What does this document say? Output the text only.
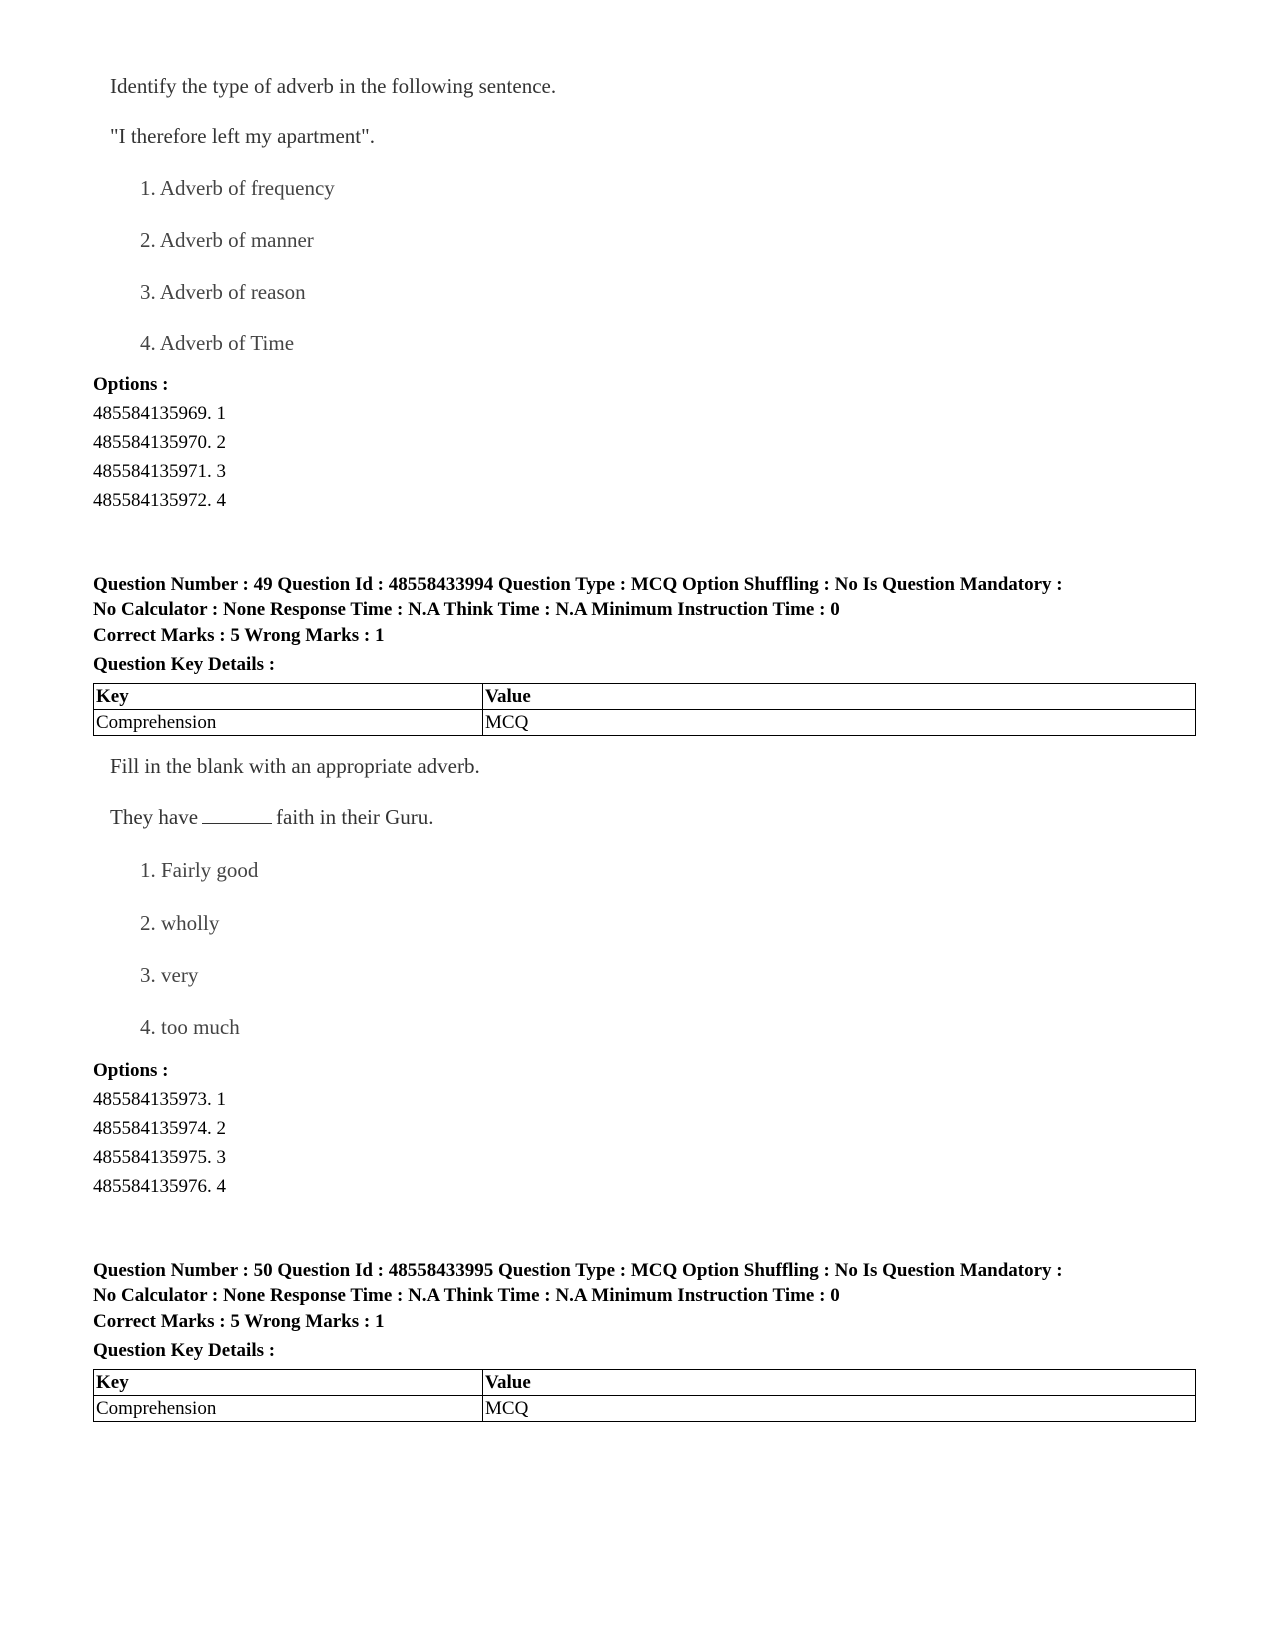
Identify the type of adverb in the following sentence.
"I therefore left my apartment".
1. Adverb of frequency
2. Adverb of manner
3. Adverb of reason
4. Adverb of Time
Options :
485584135969. 1
485584135970. 2
485584135971. 3
485584135972. 4
Question Number : 49 Question Id : 48558433994 Question Type : MCQ Option Shuffling : No Is Question Mandatory :
No Calculator : None Response Time : N.A Think Time : N.A Minimum Instruction Time : 0
Correct Marks : 5 Wrong Marks : 1
Question Key Details :
Key	Value
Comprehension	MCQ
Fill in the blank with an appropriate adverb.
They have	faith in their Guru.
1. Fairly good
2. wholly
3. very
4. too much
Options :
485584135973. 1
485584135974. 2
485584135975. 3
485584135976. 4
Question Number : 50 Question Id : 48558433995 Question Type : MCQ Option Shuffling : No Is Question Mandatory :
No Calculator : None Response Time : N.A Think Time : N.A Minimum Instruction Time : 0
Correct Marks : 5 Wrong Marks : 1
Question Key Details :
Key	Value
Comprehension	MCQ
